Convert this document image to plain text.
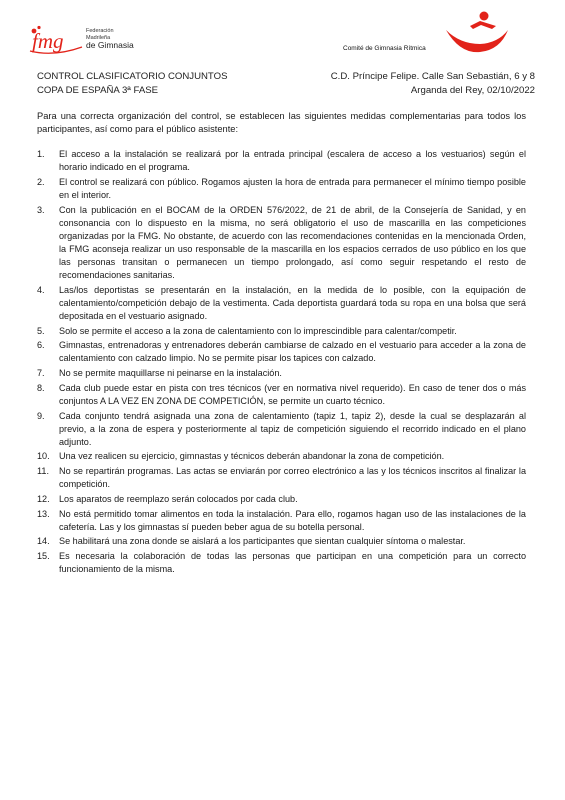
fmg	Federación Madrileña
de Gimnasia	Comité de Gimnasia Rítmica
CONTROL CLASIFICATORIO CONJUNTOS
COPA DE ESPAÑA 3ª FASE
C.D. Príncipe Felipe. Calle San Sebastián, 6 y 8
Arganda del Rey, 02/10/2022

Para una correcta organización del control, se establecen las siguientes medidas complementarias para todos los participantes, así como para el público asistente:

1. El acceso a la instalación se realizará por la entrada principal (escalera de acceso a los vestuarios) según el horario indicado en el programa.
2. El control se realizará con público. Rogamos ajusten la hora de entrada para permanecer el mínimo tiempo posible en el interior.
3. Con la publicación en el BOCAM de la ORDEN 576/2022, de 21 de abril, de la Consejería de Sanidad, y en consonancia con lo dispuesto en la misma, no será obligatorio el uso de mascarilla en las competiciones organizadas por la FMG. No obstante, de acuerdo con las recomendaciones contenidas en la mencionada Orden, la FMG aconseja realizar un uso responsable de la mascarilla en los espacios cerrados de uso público en los que las personas transitan o permanecen un tiempo prolongado, así como seguir respetando el resto de recomendaciones sanitarias.
4. Las/los deportistas se presentarán en la instalación, en la medida de lo posible, con la equipación de calentamiento/competición debajo de la vestimenta. Cada deportista guardará toda su ropa en una bolsa que será depositada en el vestuario asignado.
5. Solo se permite el acceso a la zona de calentamiento con lo imprescindible para calentar/competir.
6. Gimnastas, entrenadoras y entrenadores deberán cambiarse de calzado en el vestuario para acceder a la zona de calentamiento con calzado limpio. No se permite pisar los tapices con calzado.
7. No se permite maquillarse ni peinarse en la instalación.
8. Cada club puede estar en pista con tres técnicos (ver en normativa nivel requerido). En caso de tener dos o más conjuntos A LA VEZ EN ZONA DE COMPETICIÓN, se permite un cuarto técnico.
9. Cada conjunto tendrá asignada una zona de calentamiento (tapiz 1, tapiz 2), desde la cual se desplazarán al previo, a la zona de espera y posteriormente al tapiz de competición siguiendo el recorrido indicado en el plano adjunto.
10. Una vez realicen su ejercicio, gimnastas y técnicos deberán abandonar la zona de competición.
11. No se repartirán programas. Las actas se enviarán por correo electrónico a las y los técnicos inscritos al finalizar la competición.
12. Los aparatos de reemplazo serán colocados por cada club.
13. No está permitido tomar alimentos en toda la instalación. Para ello, rogamos hagan uso de las instalaciones de la cafetería. Las y los gimnastas sí pueden beber agua de su botella personal.
14. Se habilitará una zona donde se aislará a los participantes que sientan cualquier síntoma o malestar.
15. Es necesaria la colaboración de todas las personas que participan en una competición para un correcto funcionamiento de la misma.
